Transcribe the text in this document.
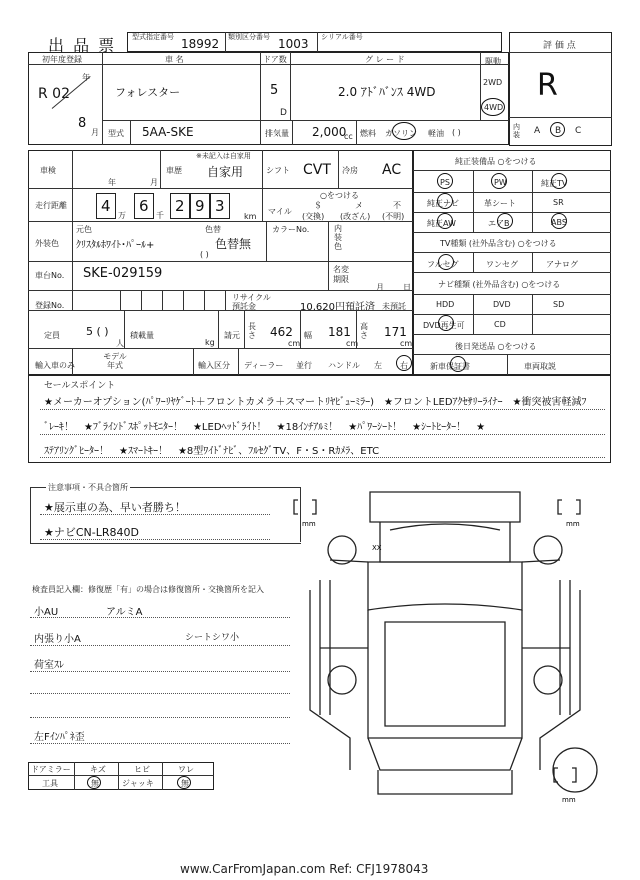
出 品 票 型式指定番号 18992 類別区分番号 1003 シリアル番号
評 価 点
R
内装 A B C
初年度登録
R 02
年
8
月
車 名
フォレスター
ドア数
5
D
グ レ ー ド
2.0 ｱﾄﾞﾊﾞﾝｽ 4WD
駆動
2WD
4WD
型式 5AA-SKE	排気量 2,000
cc 燃料 ガソリン 軽油 ( )
車検
年	月
※未記入は自家用
車歴 自家用	シフト CVT 冷房 AC
走行距離 4
万
6
千
2 9 3
km
○をつける
マイル
＄
(交換)
メ
(改ざん)
不
(不明)
外装色
元色
ｸﾘｽﾀﾙﾎﾜｲﾄ･ﾊﾟｰﾙ+
色替
色替無
( )
カラーNo.	内装色
車台No. SKE-029159	名変期限
月 日
登録No.
リサイクル預託金	10,620円預託済 未預託
定員 5 ( )
人
積載量
kg
請元
長さ 462
cm
幅 181
cm
高さ 171
cm
輸入車のみ
モデル年式	輸入区分 ディーラー 並行 ハンドル 左 右
純正装備品 ○をつける
PS	PW	純正TV
純正ナビ	革シート	SR
純正AW	エアB	ABS
TV種類 (社外品含む) ○をつける
フルセグ	ワンセグ	アナログ
ナビ種類 (社外品含む) ○をつける
HDD	DVD	SD
DVD再生可	CD
後日発送品 ○をつける
新車保証書	車両取説
セールスポイント
★メーカーオプション(ﾊﾟﾜｰﾘﾔｹﾞｰﾄ＋フロントカメラ＋スマートﾘﾔﾋﾞｭｰﾐﾗｰ)　★フロントLEDｱｸｾｻﾘｰﾗｲﾅｰ　★衝突被害軽減ﾌ
ﾞﾚｰｷ！　★ﾌﾞﾗｲﾝﾄﾞｽﾎﾟｯﾄﾓﾆﾀｰ！　★LEDﾍｯﾄﾞﾗｲﾄ！　★18ｲﾝﾁｱﾙﾐ！　★ﾊﾟﾜｰｼｰﾄ！　★ｼｰﾄﾋｰﾀｰ！　★
ｽﾃｱﾘﾝｸﾞﾋｰﾀｰ！　★ｽﾏｰﾄｷｰ！　★8型ﾜｲﾄﾞﾅﾋﾞ、ﾌﾙｾｸﾞTV、F・S・Rｶﾒﾗ、ETC
注意事項・不具合箇所
★展示車の為、早い者勝ち！
★ナビCN-LR840D
検査員記入欄：修復歴「有」の場合は修復箇所・交換箇所を記入
小AU	アルミA
内張り小A	シートシワ小
荷室ｽﾚ
左Fｲﾝﾊﾟﾈ歪
ドアミラー キズ	ヒビ	ワレ
工具	無	ジャッキ	無
mm	mm
mm
XX
www.CarFromJapan.com Ref: CFJ1978043
